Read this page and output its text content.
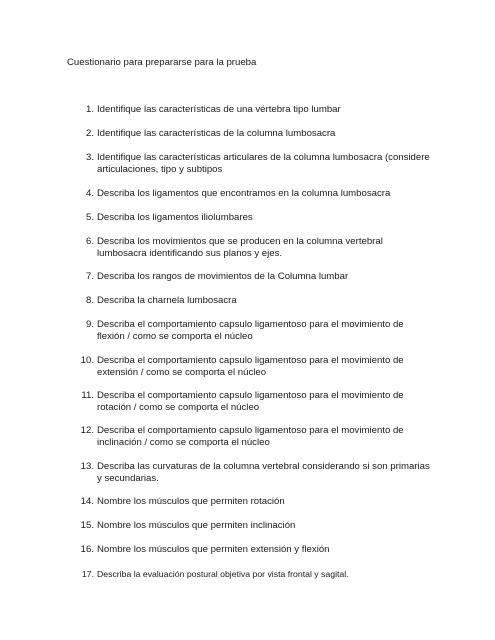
Cuestionario para prepararse para la prueba
1. Identifique las características de una vértebra tipo lumbar
2. Identifique las características de la columna lumbosacra
3. Identifique las características articulares de la columna lumbosacra (considere articulaciones, tipo y subtipos
4. Describa los ligamentos que encontramos en la columna lumbosacra
5. Describa los ligamentos iliolumbares
6. Describa los movimientos que se producen en la columna vertebral lumbosacra identificando sus planos y ejes.
7. Describa los rangos de movimientos de la Columna lumbar
8. Describa la charnela lumbosacra
9. Describa el comportamiento capsulo ligamentoso para el movimiento de flexión / como se comporta el núcleo
10. Describa el comportamiento capsulo ligamentoso para el movimiento de extensión / como se comporta el núcleo
11. Describa el comportamiento capsulo ligamentoso para el movimiento de rotación / como se comporta el núcleo
12. Describa el comportamiento capsulo ligamentoso para el movimiento de inclinación / como se comporta el núcleo
13. Describa las curvaturas de la columna vertebral considerando si son primarias y secundarias.
14. Nombre los músculos que permiten rotación
15. Nombre los músculos que permiten inclinación
16. Nombre los músculos que permiten extensión y flexión
17. Describa la evaluación postural objetiva por vista frontal y sagital.
